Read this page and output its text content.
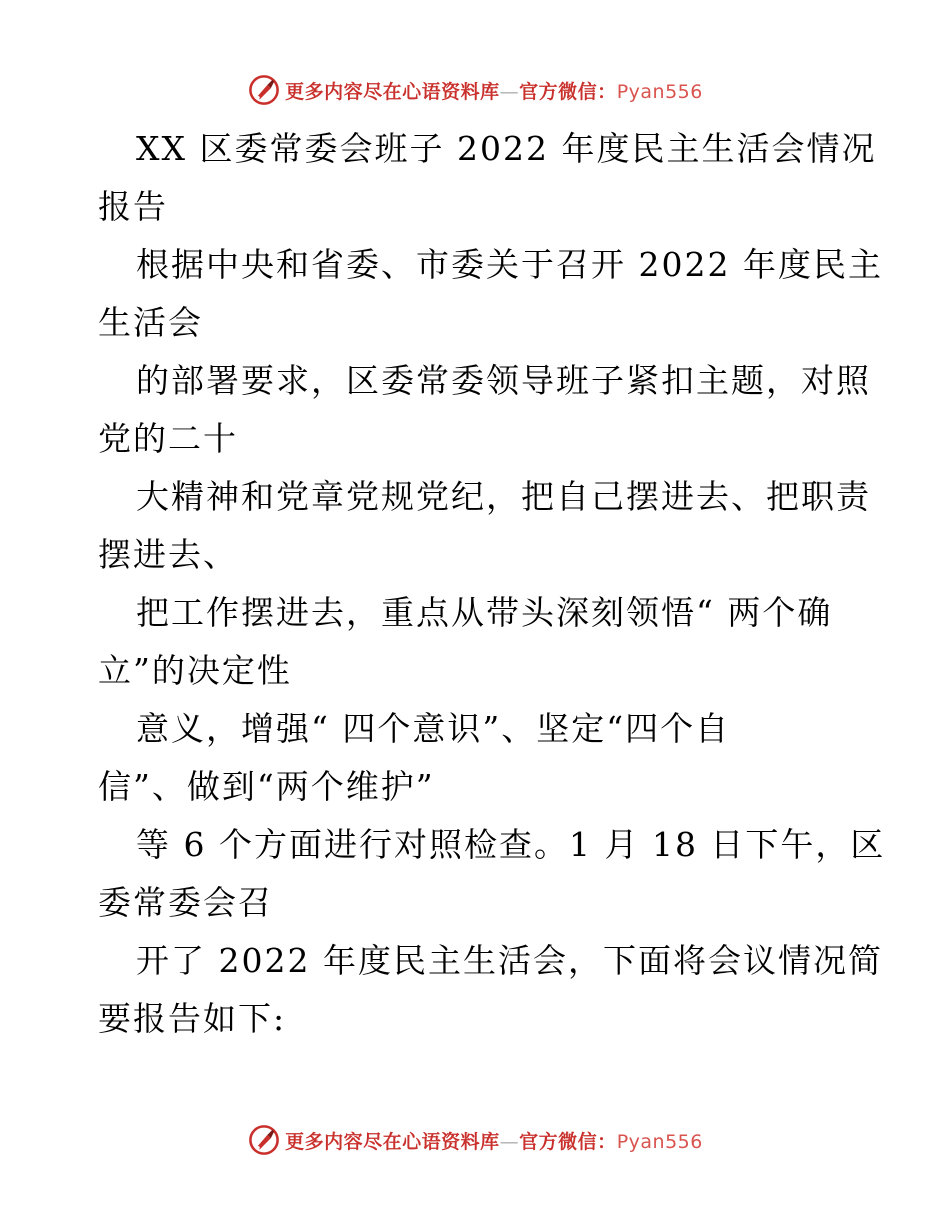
更多内容尽在心语资料库—官方微信：Pyan556
XX 区委常委会班子 2022 年度民主生活会情况
报告
根据中央和省委、市委关于召开 2022 年度民主
生活会
的部署要求，区委常委领导班子紧扣主题，对照
党的二十
大精神和党章党规党纪，把自己摆进去、把职责
摆进去、
把工作摆进去，重点从带头深刻领悟“ 两个确
立”的决定性
意义，增强“ 四个意识”、坚定“四个自
信”、做到“两个维护”
等 6 个方面进行对照检查。1 月 18 日下午，区
委常委会召
开了 2022 年度民主生活会，下面将会议情况简
要报告如下:
更多内容尽在心语资料库—官方微信：Pyan556
